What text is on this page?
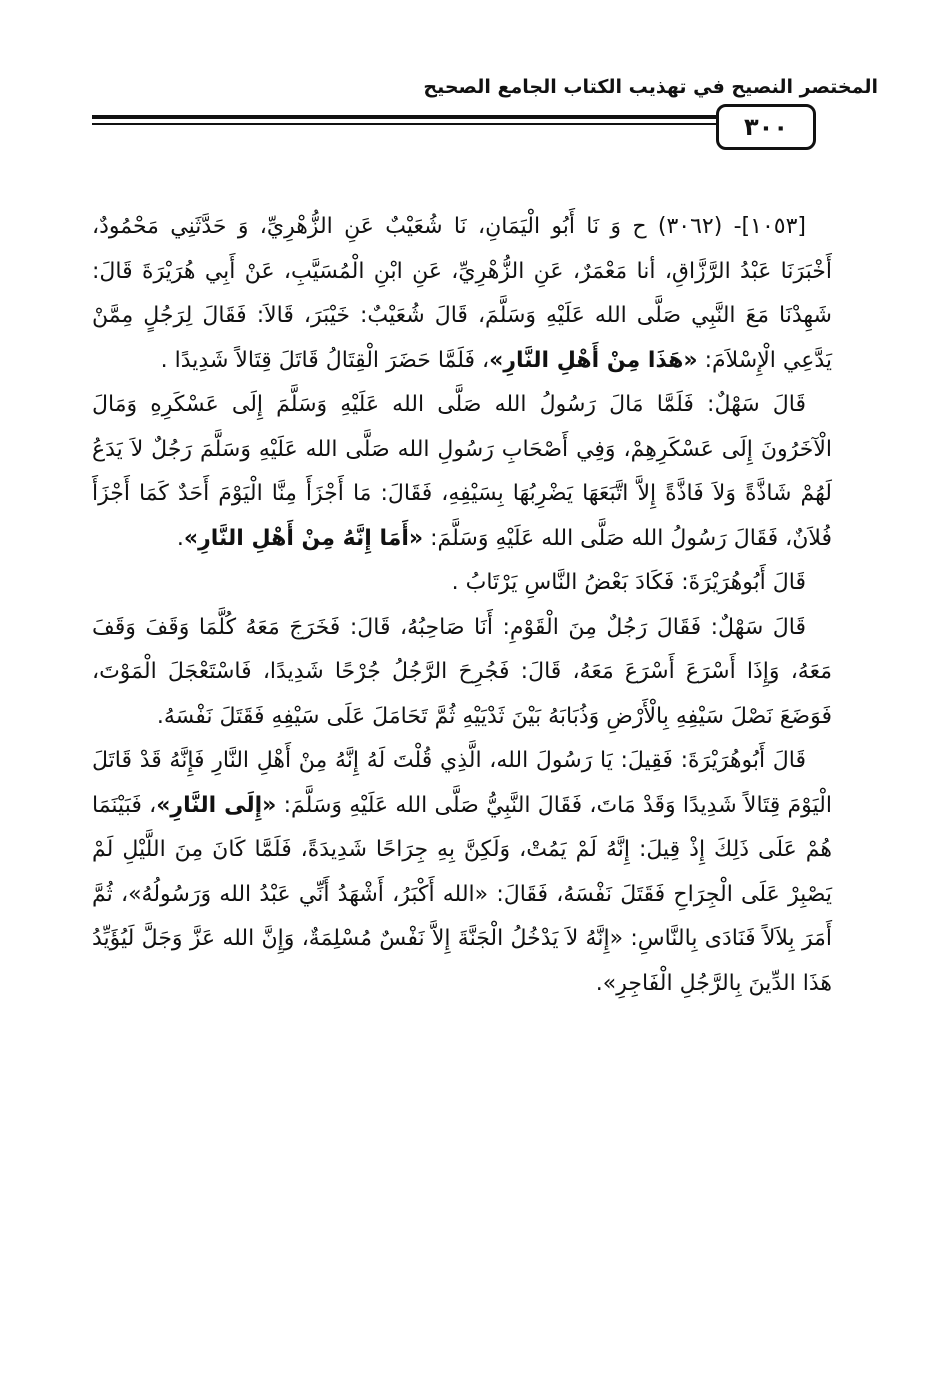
المختصر النصيح في تهذيب الكتاب الجامع الصحيح
٣٠٠

[١٠٥٣]- (٣٠٦٢) ح وَ نَا أَبُو الْيَمَانِ، نَا شُعَيْبٌ عَنِ الزُّهْرِيِّ، وَ حَدَّثَنِي مَحْمُودٌ، أَخْبَرَنَا عَبْدُ الرَّزَّاقِ، أنا مَعْمَرٌ، عَنِ الزُّهْرِيِّ، عَنِ ابْنِ الْمُسَيَّبِ، عَنْ أَبِي هُرَيْرَةَ قَالَ: شَهِدْنَا مَعَ النَّبِي صَلَّى الله عَلَيْهِ وَسَلَّمَ، قَالَ شُعَيْبٌ: خَيْبَرَ، قَالاَ: فَقَالَ لِرَجُلٍ مِمَّنْ يَدَّعِي الْإِسْلاَمَ: «هَذَا مِنْ أَهْلِ النَّارِ»، فَلَمَّا حَضَرَ الْقِتَالُ قَاتَلَ قِتَالاً شَدِيدًا .

قَالَ سَهْلٌ: فَلَمَّا مَالَ رَسُولُ الله صَلَّى الله عَلَيْهِ وَسَلَّمَ إِلَى عَسْكَرِهِ وَمَالَ الْآخَرُونَ إِلَى عَسْكَرِهِمْ، وَفِي أَصْحَابِ رَسُولِ الله صَلَّى الله عَلَيْهِ وَسَلَّمَ رَجُلٌ لاَ يَدَعُ لَهُمْ شَاذَّةً وَلاَ فَاذَّةً إِلاَّ اتَّبَعَهَا يَضْرِبُهَا بِسَيْفِهِ، فَقَالَ: مَا أَجْزَأَ مِنَّا الْيَوْمَ أَحَدٌ كَمَا أَجْزَأَ فُلاَنٌ، فَقَالَ رَسُولُ الله صَلَّى الله عَلَيْهِ وَسَلَّمَ: «أَمَا إِنَّهُ مِنْ أَهْلِ النَّارِ».

قَالَ أَبُوهُرَيْرَةَ: فَكَادَ بَعْضُ النَّاسِ يَرْتَابُ .

قَالَ سَهْلٌ: فَقَالَ رَجُلٌ مِنَ الْقَوْمِ: أَنَا صَاحِبُهُ، قَالَ: فَخَرَجَ مَعَهُ كُلَّمَا وَقَفَ وَقَفَ مَعَهُ، وَإِذَا أَسْرَعَ أَسْرَعَ مَعَهُ، قَالَ: فَجُرِحَ الرَّجُلُ جُرْحًا شَدِيدًا، فَاسْتَعْجَلَ الْمَوْتَ، فَوَضَعَ نَصْلَ سَيْفِهِ بِالْأَرْضِ وَذُبَابَهُ بَيْنَ ثَدْيَيْهِ ثُمَّ تَحَامَلَ عَلَى سَيْفِهِ فَقَتَلَ نَفْسَهُ.

قَالَ أَبُوهُرَيْرَةَ: فَقِيلَ: يَا رَسُولَ الله، الَّذِي قُلْتَ لَهُ إِنَّهُ مِنْ أَهْلِ النَّارِ فَإِنَّهُ قَدْ قَاتَلَ الْيَوْمَ قِتَالاً شَدِيدًا وَقَدْ مَاتَ، فَقَالَ النَّبِيُّ صَلَّى الله عَلَيْهِ وَسَلَّمَ: «إِلَى النَّارِ»، فَبَيْنَمَا هُمْ عَلَى ذَلِكَ إِذْ قِيلَ: إِنَّهُ لَمْ يَمُتْ، وَلَكِنَّ بِهِ جِرَاحًا شَدِيدَةً، فَلَمَّا كَانَ مِنَ اللَّيْلِ لَمْ يَصْبِرْ عَلَى الْجِرَاحِ فَقَتَلَ نَفْسَهُ، فَقَالَ: «الله أَكْبَرُ، أَشْهَدُ أَنِّي عَبْدُ الله وَرَسُولُهُ»، ثُمَّ أَمَرَ بِلاَلاً فَنَادَى بِالنَّاسِ: «إِنَّهُ لاَ يَدْخُلُ الْجَنَّةَ إِلاَّ نَفْسٌ مُسْلِمَةٌ، وَإِنَّ الله عَزَّ وَجَلَّ لَيُؤَيِّدُ هَذَا الدِّينَ بِالرَّجُلِ الْفَاجِرِ».
